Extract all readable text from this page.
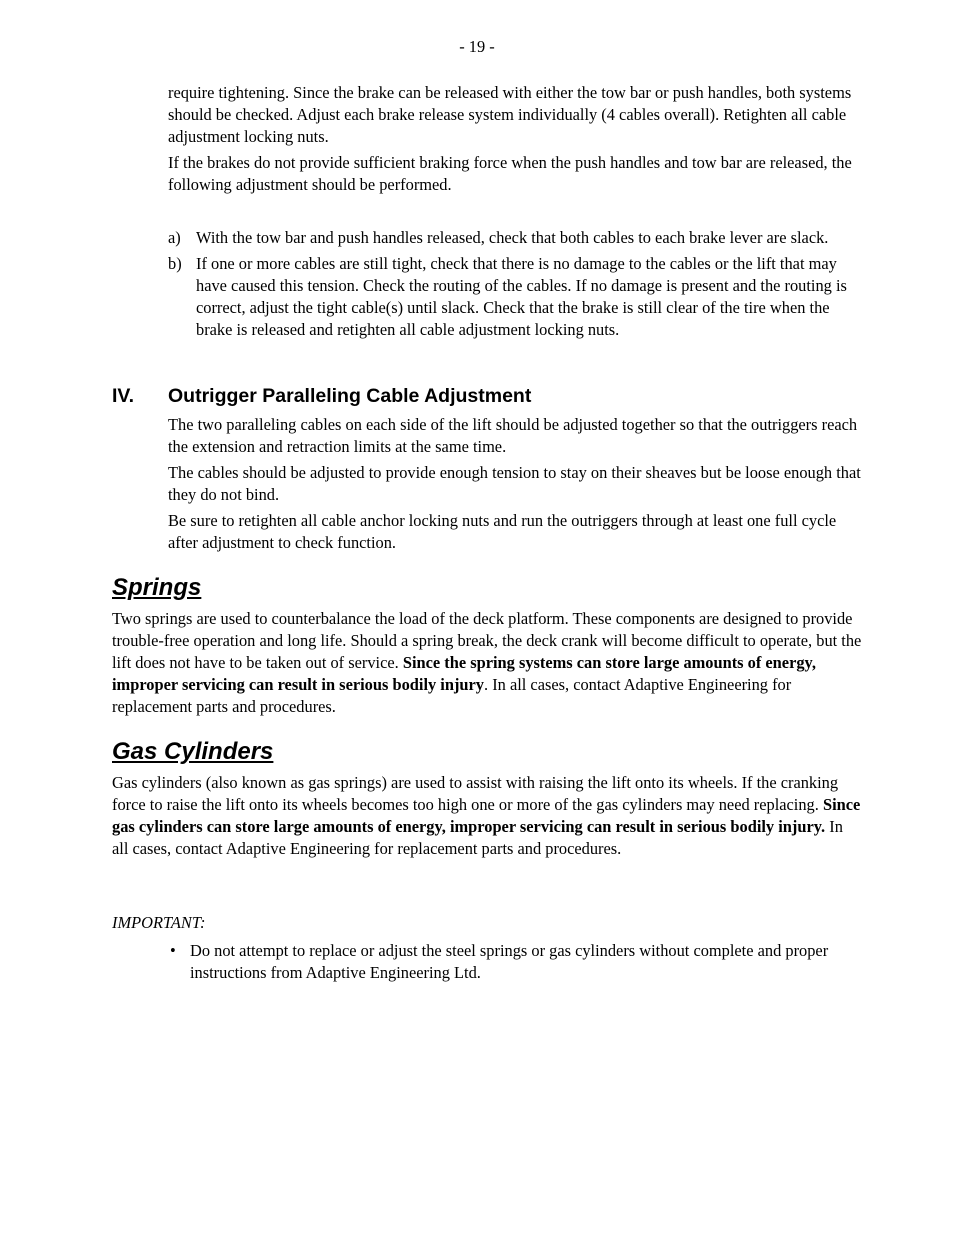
- 19 -

require tightening. Since the brake can be released with either the tow bar or push handles, both systems should be checked. Adjust each brake release system individually (4 cables overall). Retighten all cable adjustment locking nuts.

If the brakes do not provide sufficient braking force when the push handles and tow bar are released, the following adjustment should be performed.

a) With the tow bar and push handles released, check that both cables to each brake lever are slack.
b) If one or more cables are still tight, check that there is no damage to the cables or the lift that may have caused this tension. Check the routing of the cables. If no damage is present and the routing is correct, adjust the tight cable(s) until slack. Check that the brake is still clear of the tire when the brake is released and retighten all cable adjustment locking nuts.
IV. Outrigger Paralleling Cable Adjustment

The two paralleling cables on each side of the lift should be adjusted together so that the outriggers reach the extension and retraction limits at the same time.

The cables should be adjusted to provide enough tension to stay on their sheaves but be loose enough that they do not bind.

Be sure to retighten all cable anchor locking nuts and run the outriggers through at least one full cycle after adjustment to check function.

Springs

Two springs are used to counterbalance the load of the deck platform. These components are designed to provide trouble-free operation and long life. Should a spring break, the deck crank will become difficult to operate, but the lift does not have to be taken out of service. Since the spring systems can store large amounts of energy, improper servicing can result in serious bodily injury. In all cases, contact Adaptive Engineering for replacement parts and procedures.

Gas Cylinders

Gas cylinders (also known as gas springs) are used to assist with raising the lift onto its wheels. If the cranking force to raise the lift onto its wheels becomes too high one or more of the gas cylinders may need replacing. Since gas cylinders can store large amounts of energy, improper servicing can result in serious bodily injury. In all cases, contact Adaptive Engineering for replacement parts and procedures.

IMPORTANT:
• Do not attempt to replace or adjust the steel springs or gas cylinders without complete and proper instructions from Adaptive Engineering Ltd.
